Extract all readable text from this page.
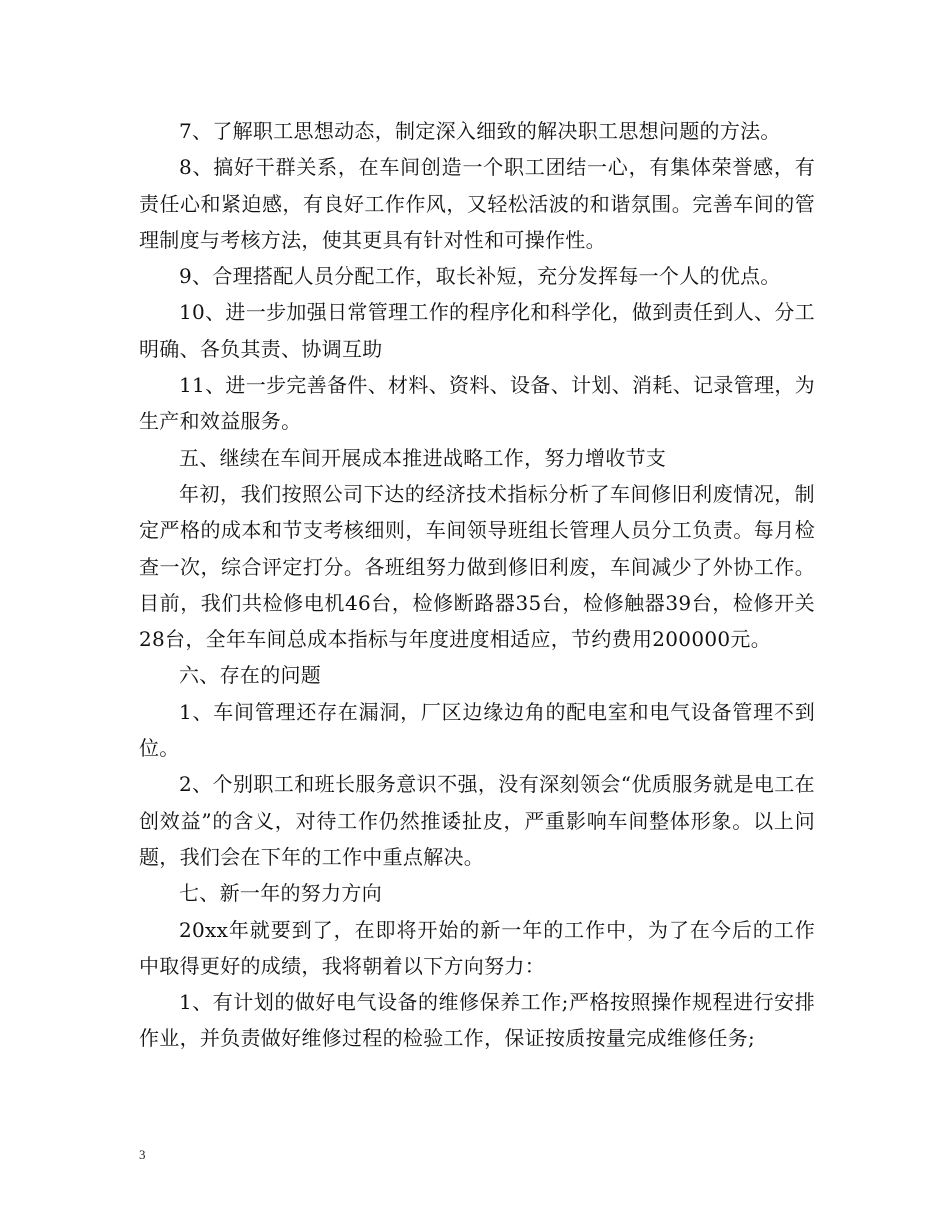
7、了解职工思想动态，制定深入细致的解决职工思想问题的方法。

8、搞好干群关系，在车间创造一个职工团结一心，有集体荣誉感，有责任心和紧迫感，有良好工作作风，又轻松活波的和谐氛围。完善车间的管理制度与考核方法，使其更具有针对性和可操作性。

9、合理搭配人员分配工作，取长补短，充分发挥每一个人的优点。

10、进一步加强日常管理工作的程序化和科学化，做到责任到人、分工明确、各负其责、协调互助

11、进一步完善备件、材料、资料、设备、计划、消耗、记录管理，为生产和效益服务。

五、继续在车间开展成本推进战略工作，努力增收节支

年初，我们按照公司下达的经济技术指标分析了车间修旧利废情况，制定严格的成本和节支考核细则，车间领导班组长管理人员分工负责。每月检查一次，综合评定打分。各班组努力做到修旧利废，车间减少了外协工作。目前，我们共检修电机46台，检修断路器35台，检修触器39台，检修开关28台，全年车间总成本指标与年度进度相适应，节约费用200000元。

六、存在的问题

1、车间管理还存在漏洞，厂区边缘边角的配电室和电气设备管理不到位。

2、个别职工和班长服务意识不强，没有深刻领会“优质服务就是电工在创效益”的含义，对待工作仍然推诿扯皮，严重影响车间整体形象。以上问题，我们会在下年的工作中重点解决。

七、新一年的努力方向

20xx年就要到了，在即将开始的新一年的工作中，为了在今后的工作中取得更好的成绩，我将朝着以下方向努力：

1、有计划的做好电气设备的维修保养工作;严格按照操作规程进行安排作业，并负责做好维修过程的检验工作，保证按质按量完成维修任务;

3
